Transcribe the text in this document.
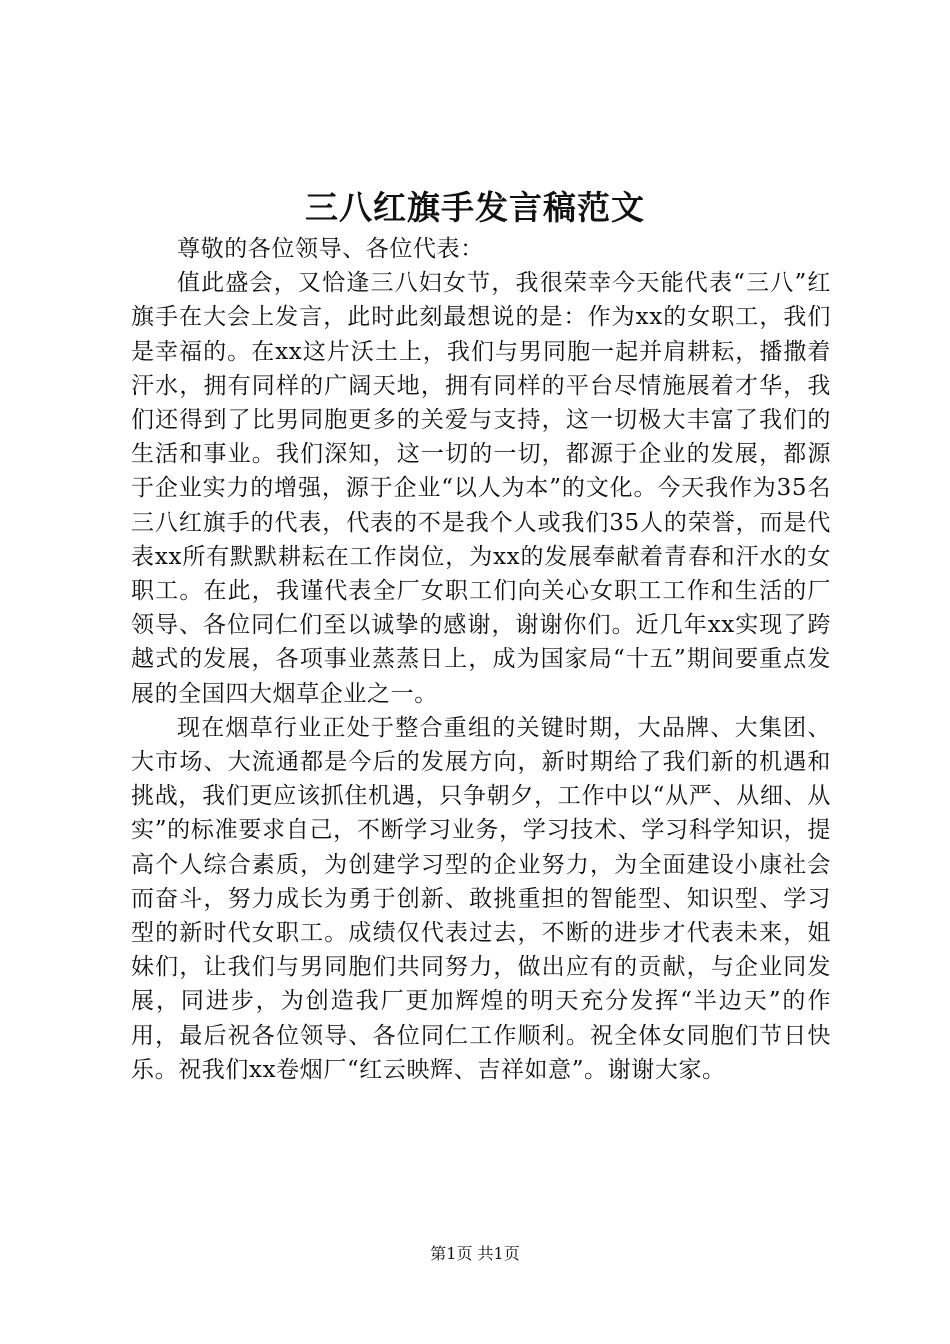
三八红旗手发言稿范文

尊敬的各位领导、各位代表：

值此盛会，又恰逢三八妇女节，我很荣幸今天能代表“三八”红旗手在大会上发言，此时此刻最想说的是：作为xx的女职工，我们是幸福的。在xx这片沃土上，我们与男同胞一起并肩耕耘，播撒着汗水，拥有同样的广阔天地，拥有同样的平台尽情施展着才华，我们还得到了比男同胞更多的关爱与支持，这一切极大丰富了我们的生活和事业。我们深知，这一切的一切，都源于企业的发展，都源于企业实力的增强，源于企业“以人为本”的文化。今天我作为35名三八红旗手的代表，代表的不是我个人或我们35人的荣誉，而是代表xx所有默默耕耘在工作岗位，为xx的发展奉献着青春和汗水的女职工。在此，我谨代表全厂女职工们向关心女职工工作和生活的厂领导、各位同仁们至以诚挚的感谢，谢谢你们。近几年xx实现了跨越式的发展，各项事业蒸蒸日上，成为国家局“十五”期间要重点发展的全国四大烟草企业之一。

现在烟草行业正处于整合重组的关键时期，大品牌、大集团、大市场、大流通都是今后的发展方向，新时期给了我们新的机遇和挑战，我们更应该抓住机遇，只争朝夕，工作中以“从严、从细、从实”的标准要求自己，不断学习业务，学习技术、学习科学知识，提高个人综合素质，为创建学习型的企业努力，为全面建设小康社会而奋斗，努力成长为勇于创新、敢挑重担的智能型、知识型、学习型的新时代女职工。成绩仅代表过去，不断的进步才代表未来，姐妹们，让我们与男同胞们共同努力，做出应有的贡献，与企业同发展，同进步，为创造我厂更加辉煌的明天充分发挥“半边天”的作用，最后祝各位领导、各位同仁工作顺利。祝全体女同胞们节日快乐。祝我们xx卷烟厂“红云映辉、吉祥如意”。谢谢大家。

第1页 共1页
